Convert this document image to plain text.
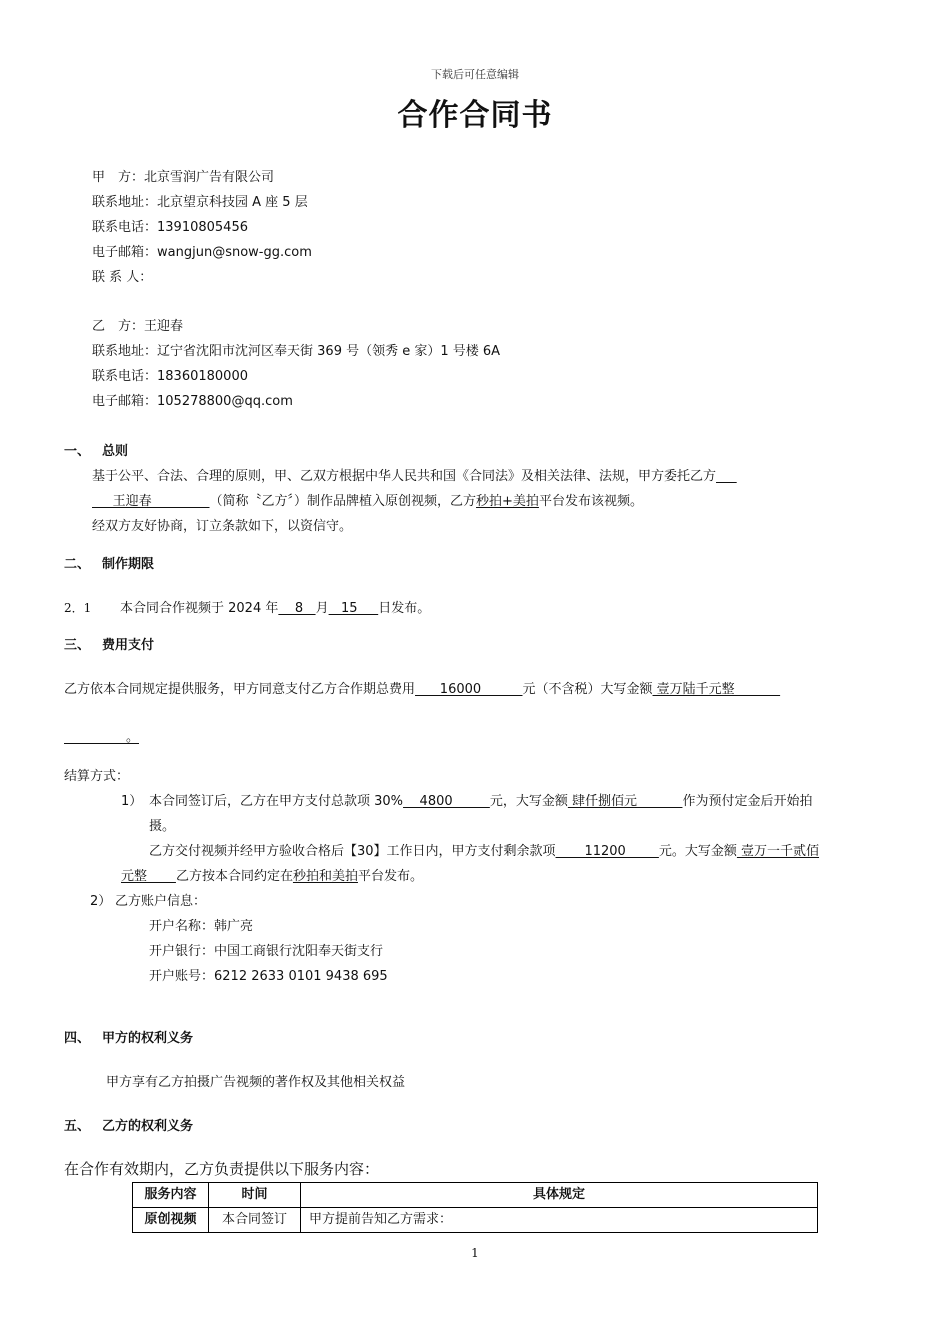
下载后可任意编辑
合作合同书
甲　方：北京雪润广告有限公司
联系地址：北京望京科技园 A 座 5 层
联系电话：13910805456
电子邮箱：wangjun@snow-gg.com
联 系 人：
乙　方：王迎春
联系地址：辽宁省沈阳市沈河区奉天街 369 号（领秀 e 家）1 号楼 6A
联系电话：18360180000
电子邮箱：105278800@qq.com
一、 总则
基于公平、合法、合理的原则，甲、乙双方根据中华人民共和国《合同法》及相关法律、法规，甲方委托乙方
王迎春              （简称〝乙方〞）制作品牌植入原创视频，乙方秒拍+美拍平台发布该视频。
经双方友好协商，订立条款如下，以资信守。
二、 制作期限
2．1 本合同合作视频于 2024 年    8   月   15     日发布。
三、 费用支付
乙方依本合同规定提供服务，甲方同意支付乙方合作期总费用      16000          元（不含税）大写金额 壹万陆千元整
。
结算方式：
1） 本合同签订后，乙方在甲方支付总款项 30%    4800         元，大写金额 肆仟捌佰元           作为预付定金后开始拍
摄。
乙方交付视频并经甲方验收合格后【30】工作日内，甲方支付剩余款项       11200        元。大写金额 壹万一千贰佰
元整       乙方按本合同约定在秒拍和美拍平台发布。
2） 乙方账户信息：
开户名称：韩广亮
开户银行：中国工商银行沈阳奉天街支行
开户账号：6212 2633 0101 9438 695
四、 甲方的权利义务
甲方享有乙方拍摄广告视频的著作权及其他相关权益
五、 乙方的权利义务
在合作有效期内，乙方负责提供以下服务内容：
服务内容	时间	具体规定
原创视频	本合同签订	甲方提前告知乙方需求：
1
